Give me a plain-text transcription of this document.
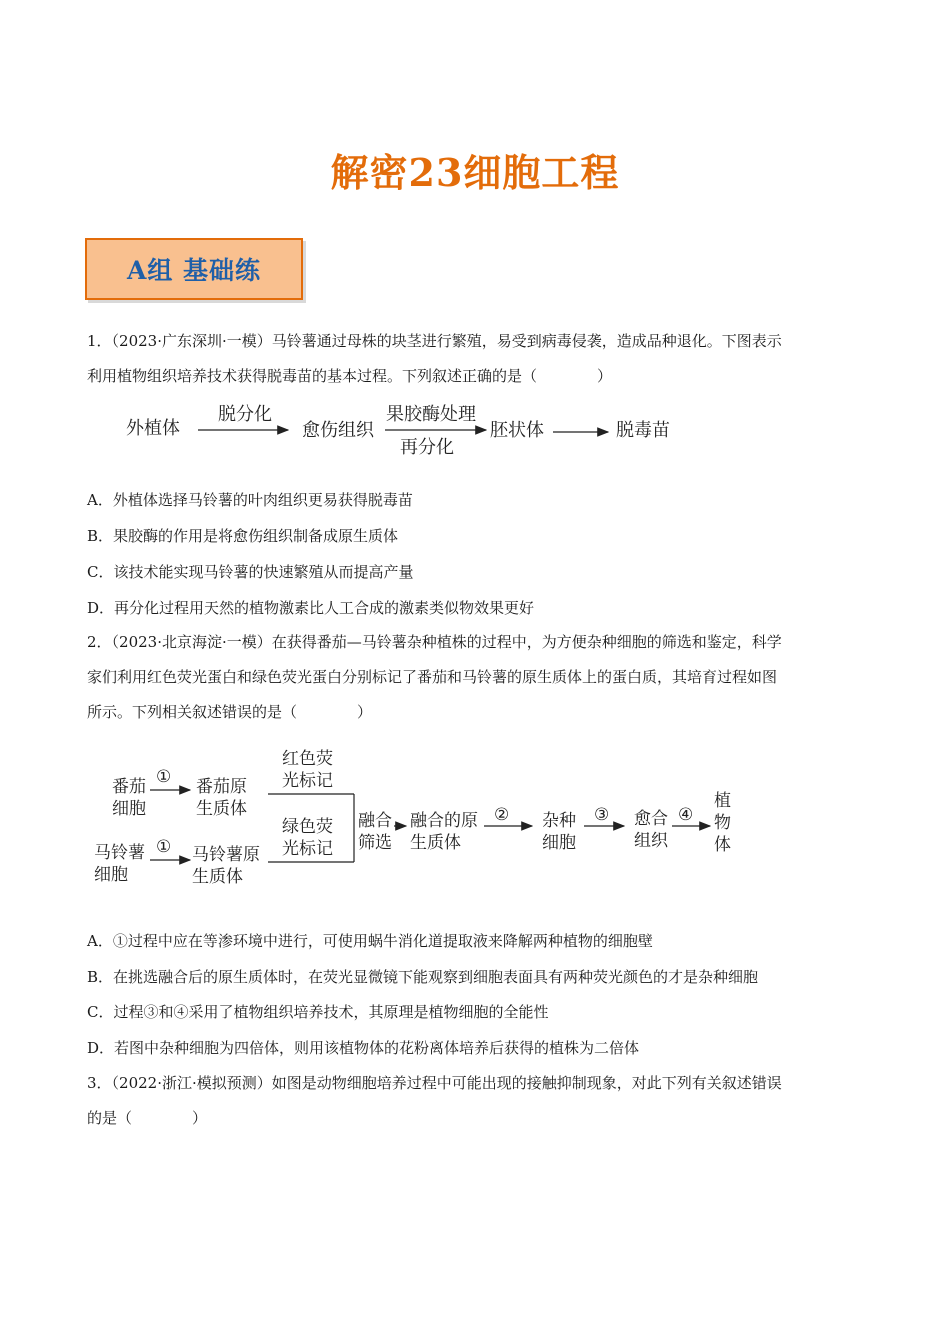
解密23细胞工程
A组 基础练
1．（2023·广东深圳·一模）马铃薯通过母株的块茎进行繁殖，易受到病毒侵袭，造成品种退化。下图表示
利用植物组织培养技术获得脱毒苗的基本过程。下列叙述正确的是（　　　　）
外植体
脱分化
愈伤组织
果胶酶处理
再分化
胚状体	脱毒苗
A．外植体选择马铃薯的叶肉组织更易获得脱毒苗
B．果胶酶的作用是将愈伤组织制备成原生质体
C．该技术能实现马铃薯的快速繁殖从而提高产量
D．再分化过程用天然的植物激素比人工合成的激素类似物效果更好
2．（2023·北京海淀·一模）在获得番茄—马铃薯杂种植株的过程中，为方便杂种细胞的筛选和鉴定，科学
家们利用红色荧光蛋白和绿色荧光蛋白分别标记了番茄和马铃薯的原生质体上的蛋白质，其培育过程如图
所示。下列相关叙述错误的是（　　　　）
番茄
细胞
① 番茄原
生质体
红色荧
光标记
绿色荧
光标记
马铃薯
细胞
① 马铃薯原
生质体
融合
筛选
融合的原
生质体
② 杂种
细胞
③ 愈合
组织
④
植
物
体
A．①过程中应在等渗环境中进行，可使用蜗牛消化道提取液来降解两种植物的细胞壁
B．在挑选融合后的原生质体时，在荧光显微镜下能观察到细胞表面具有两种荧光颜色的才是杂种细胞
C．过程③和④采用了植物组织培养技术，其原理是植物细胞的全能性
D．若图中杂种细胞为四倍体，则用该植物体的花粉离体培养后获得的植株为二倍体
3．（2022·浙江·模拟预测）如图是动物细胞培养过程中可能出现的接触抑制现象，对此下列有关叙述错误
的是（　　　　）
